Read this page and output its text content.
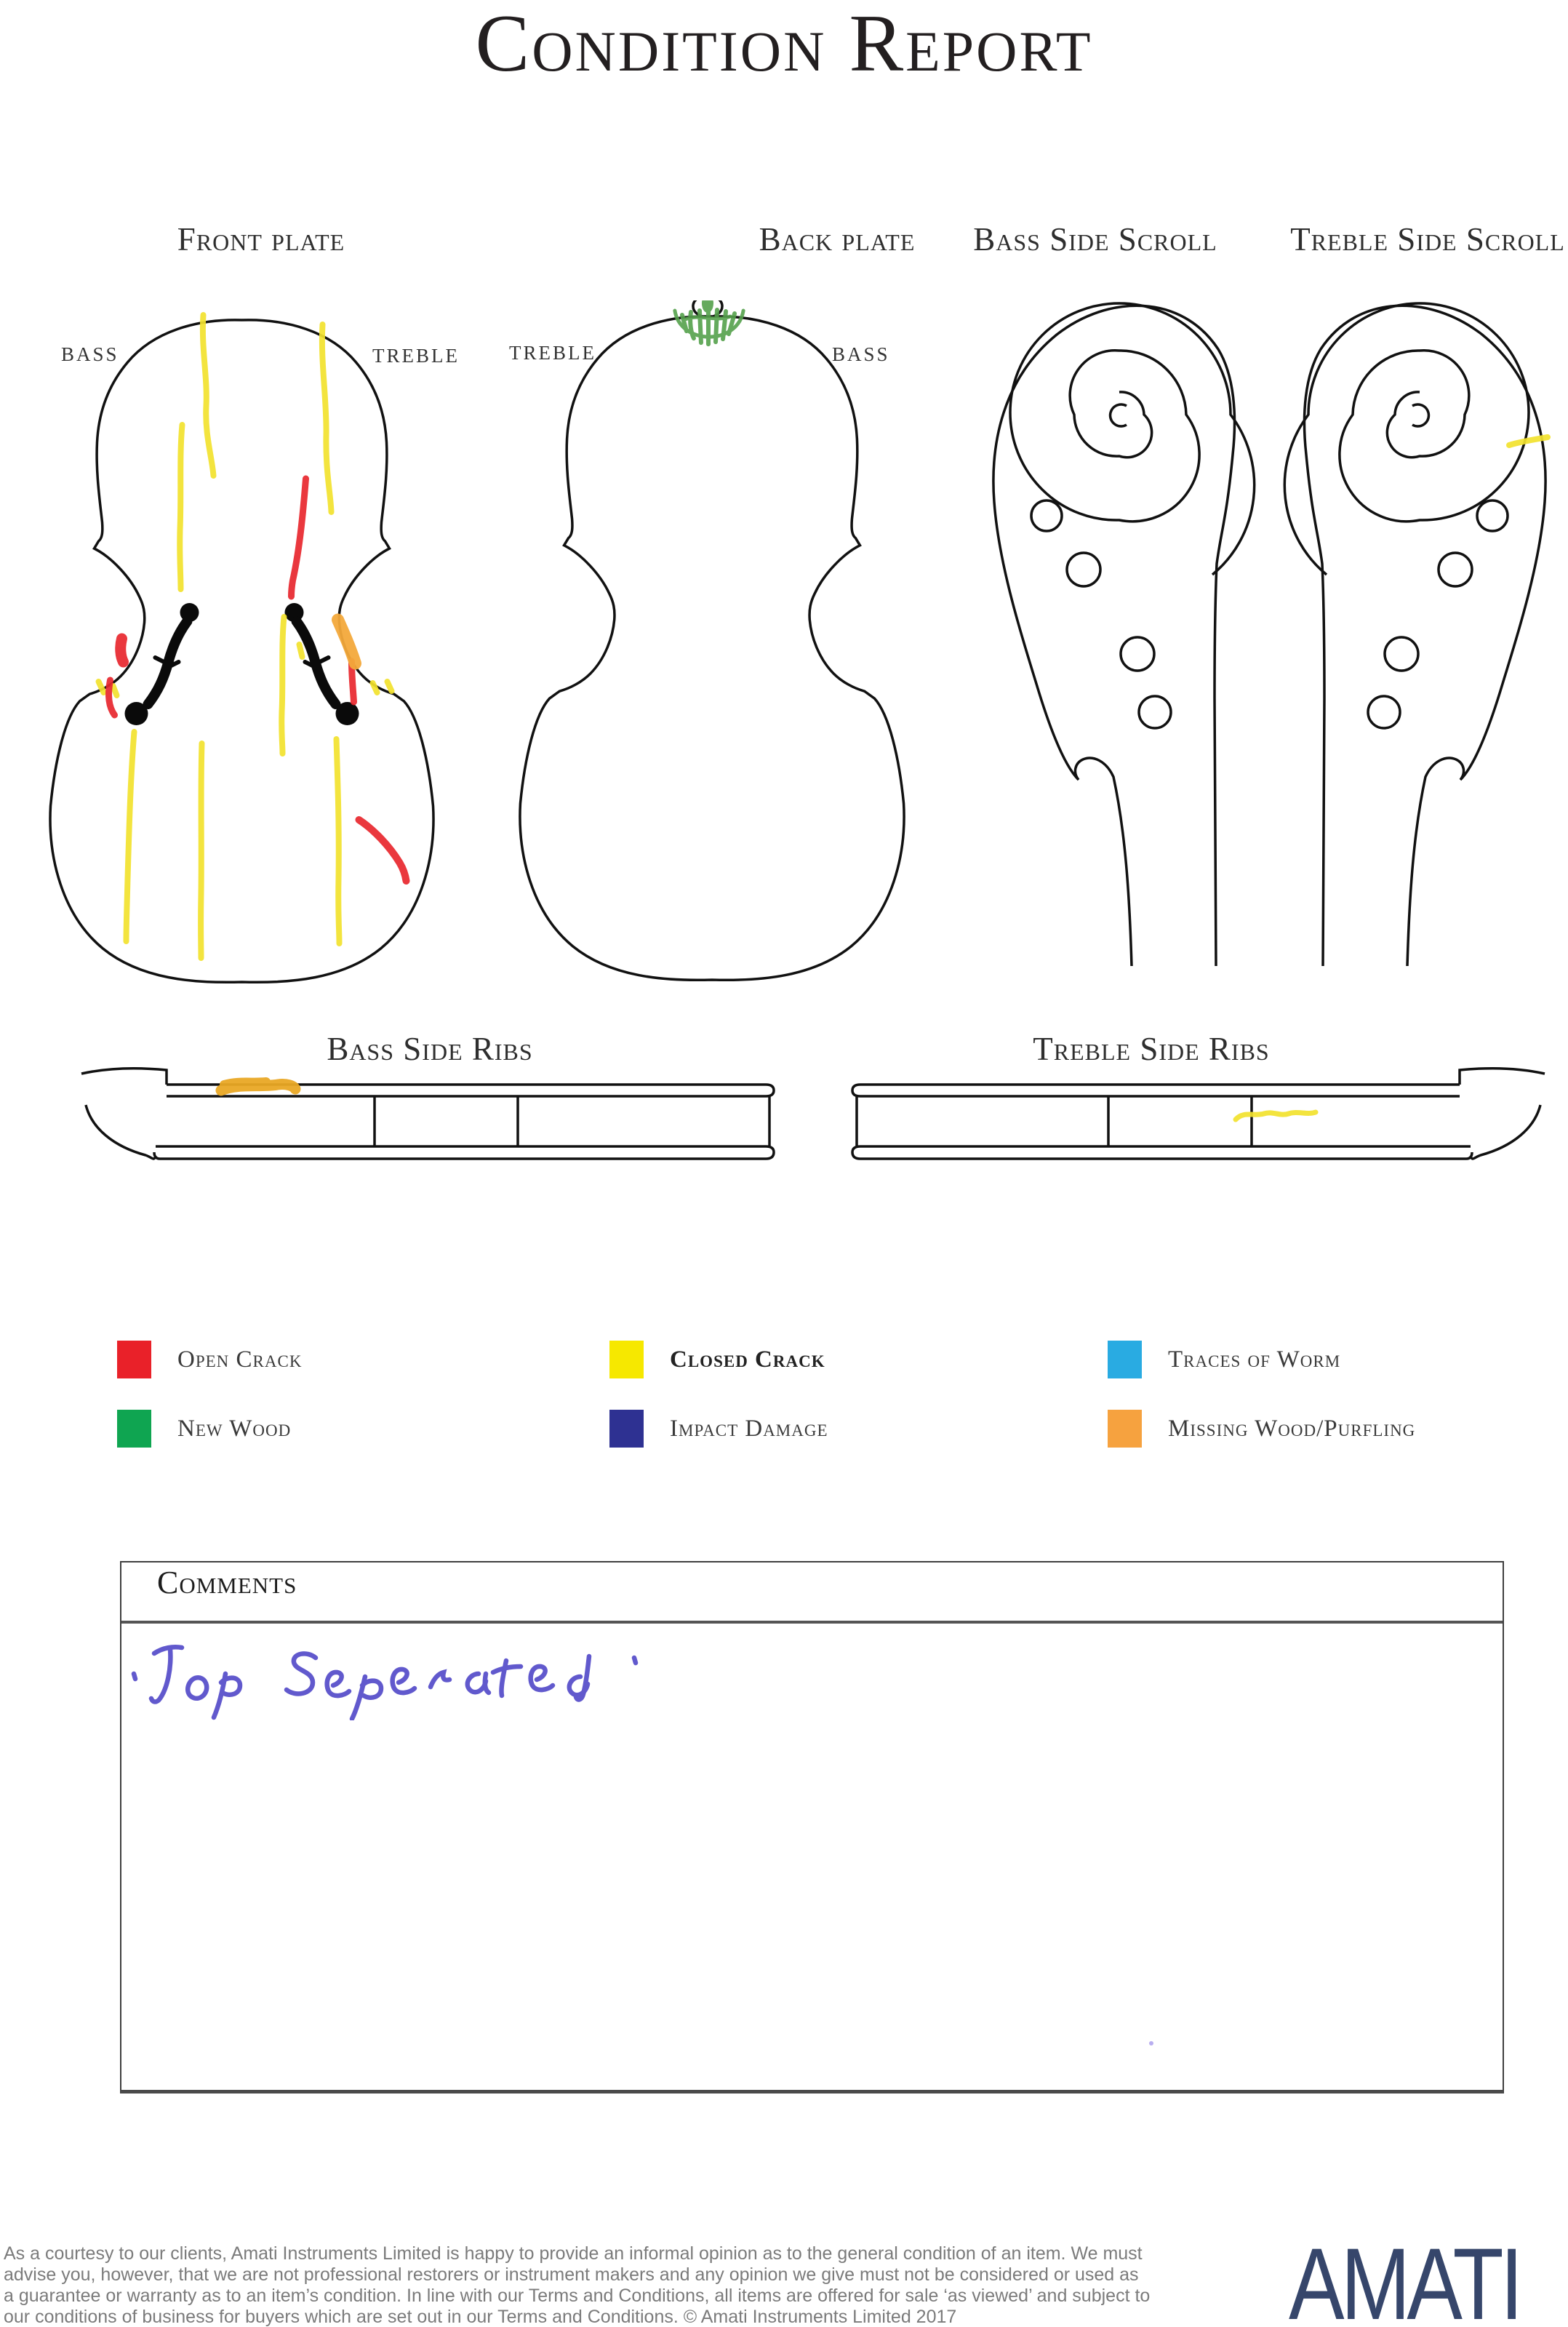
Condition Report
Front plate	Back plate	Bass Side Scroll	Treble Side Scroll
BASS	TREBLE	TREBLE	BASS
Bass Side Ribs	Treble Side Ribs
Open Crack	Closed Crack	Traces of Worm
New Wood	Impact Damage	Missing Wood/Purfling
Comments
As a courtesy to our clients, Amati Instruments Limited is happy to provide an informal opinion as to the general condition of an item. We must
advise you, however, that we are not professional restorers or instrument makers and any opinion we give must not be considered or used as
a guarantee or warranty as to an item’s condition. In line with our Terms and Conditions, all items are offered for sale ‘as viewed’ and subject to
our conditions of business for buyers which are set out in our Terms and Conditions. © Amati Instruments Limited 2017	AMATI
